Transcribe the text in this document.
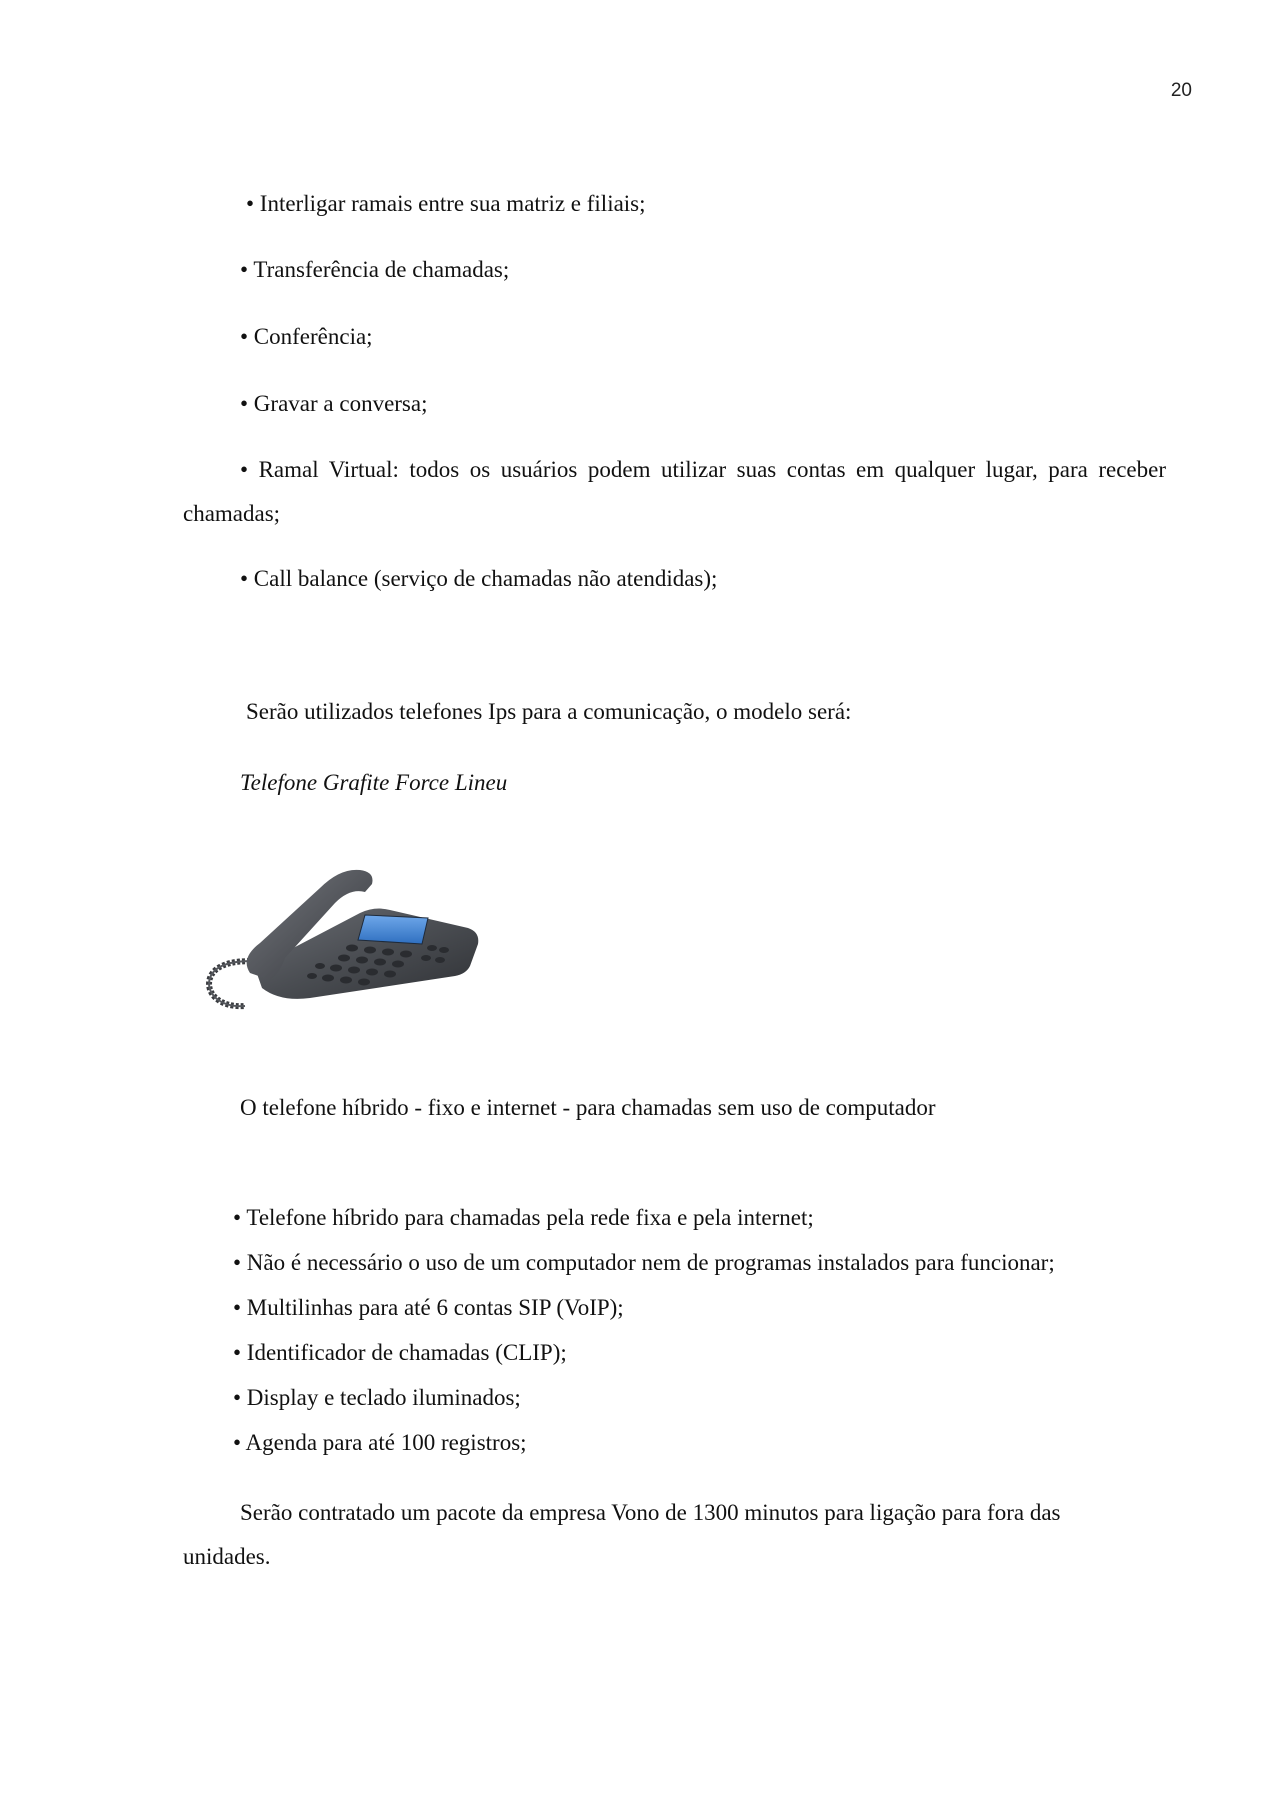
20
• Interligar ramais entre sua matriz e filiais;
• Transferência de chamadas;
• Conferência;
• Gravar a conversa;
• Ramal Virtual: todos os usuários podem utilizar suas contas em qualquer lugar, para receber chamadas;
• Call balance (serviço de chamadas não atendidas);
Serão utilizados telefones Ips para a comunicação, o modelo será:
Telefone Grafite Force Lineu
O telefone híbrido - fixo e internet - para chamadas sem uso de computador
• Telefone híbrido para chamadas pela rede fixa e pela internet;
• Não é necessário o uso de um computador nem de programas instalados para funcionar;
• Multilinhas para até 6 contas SIP (VoIP);
• Identificador de chamadas (CLIP);
• Display e teclado iluminados;
• Agenda para até 100 registros;
Serão contratado um pacote da empresa Vono de 1300 minutos para ligação para fora das unidades.
